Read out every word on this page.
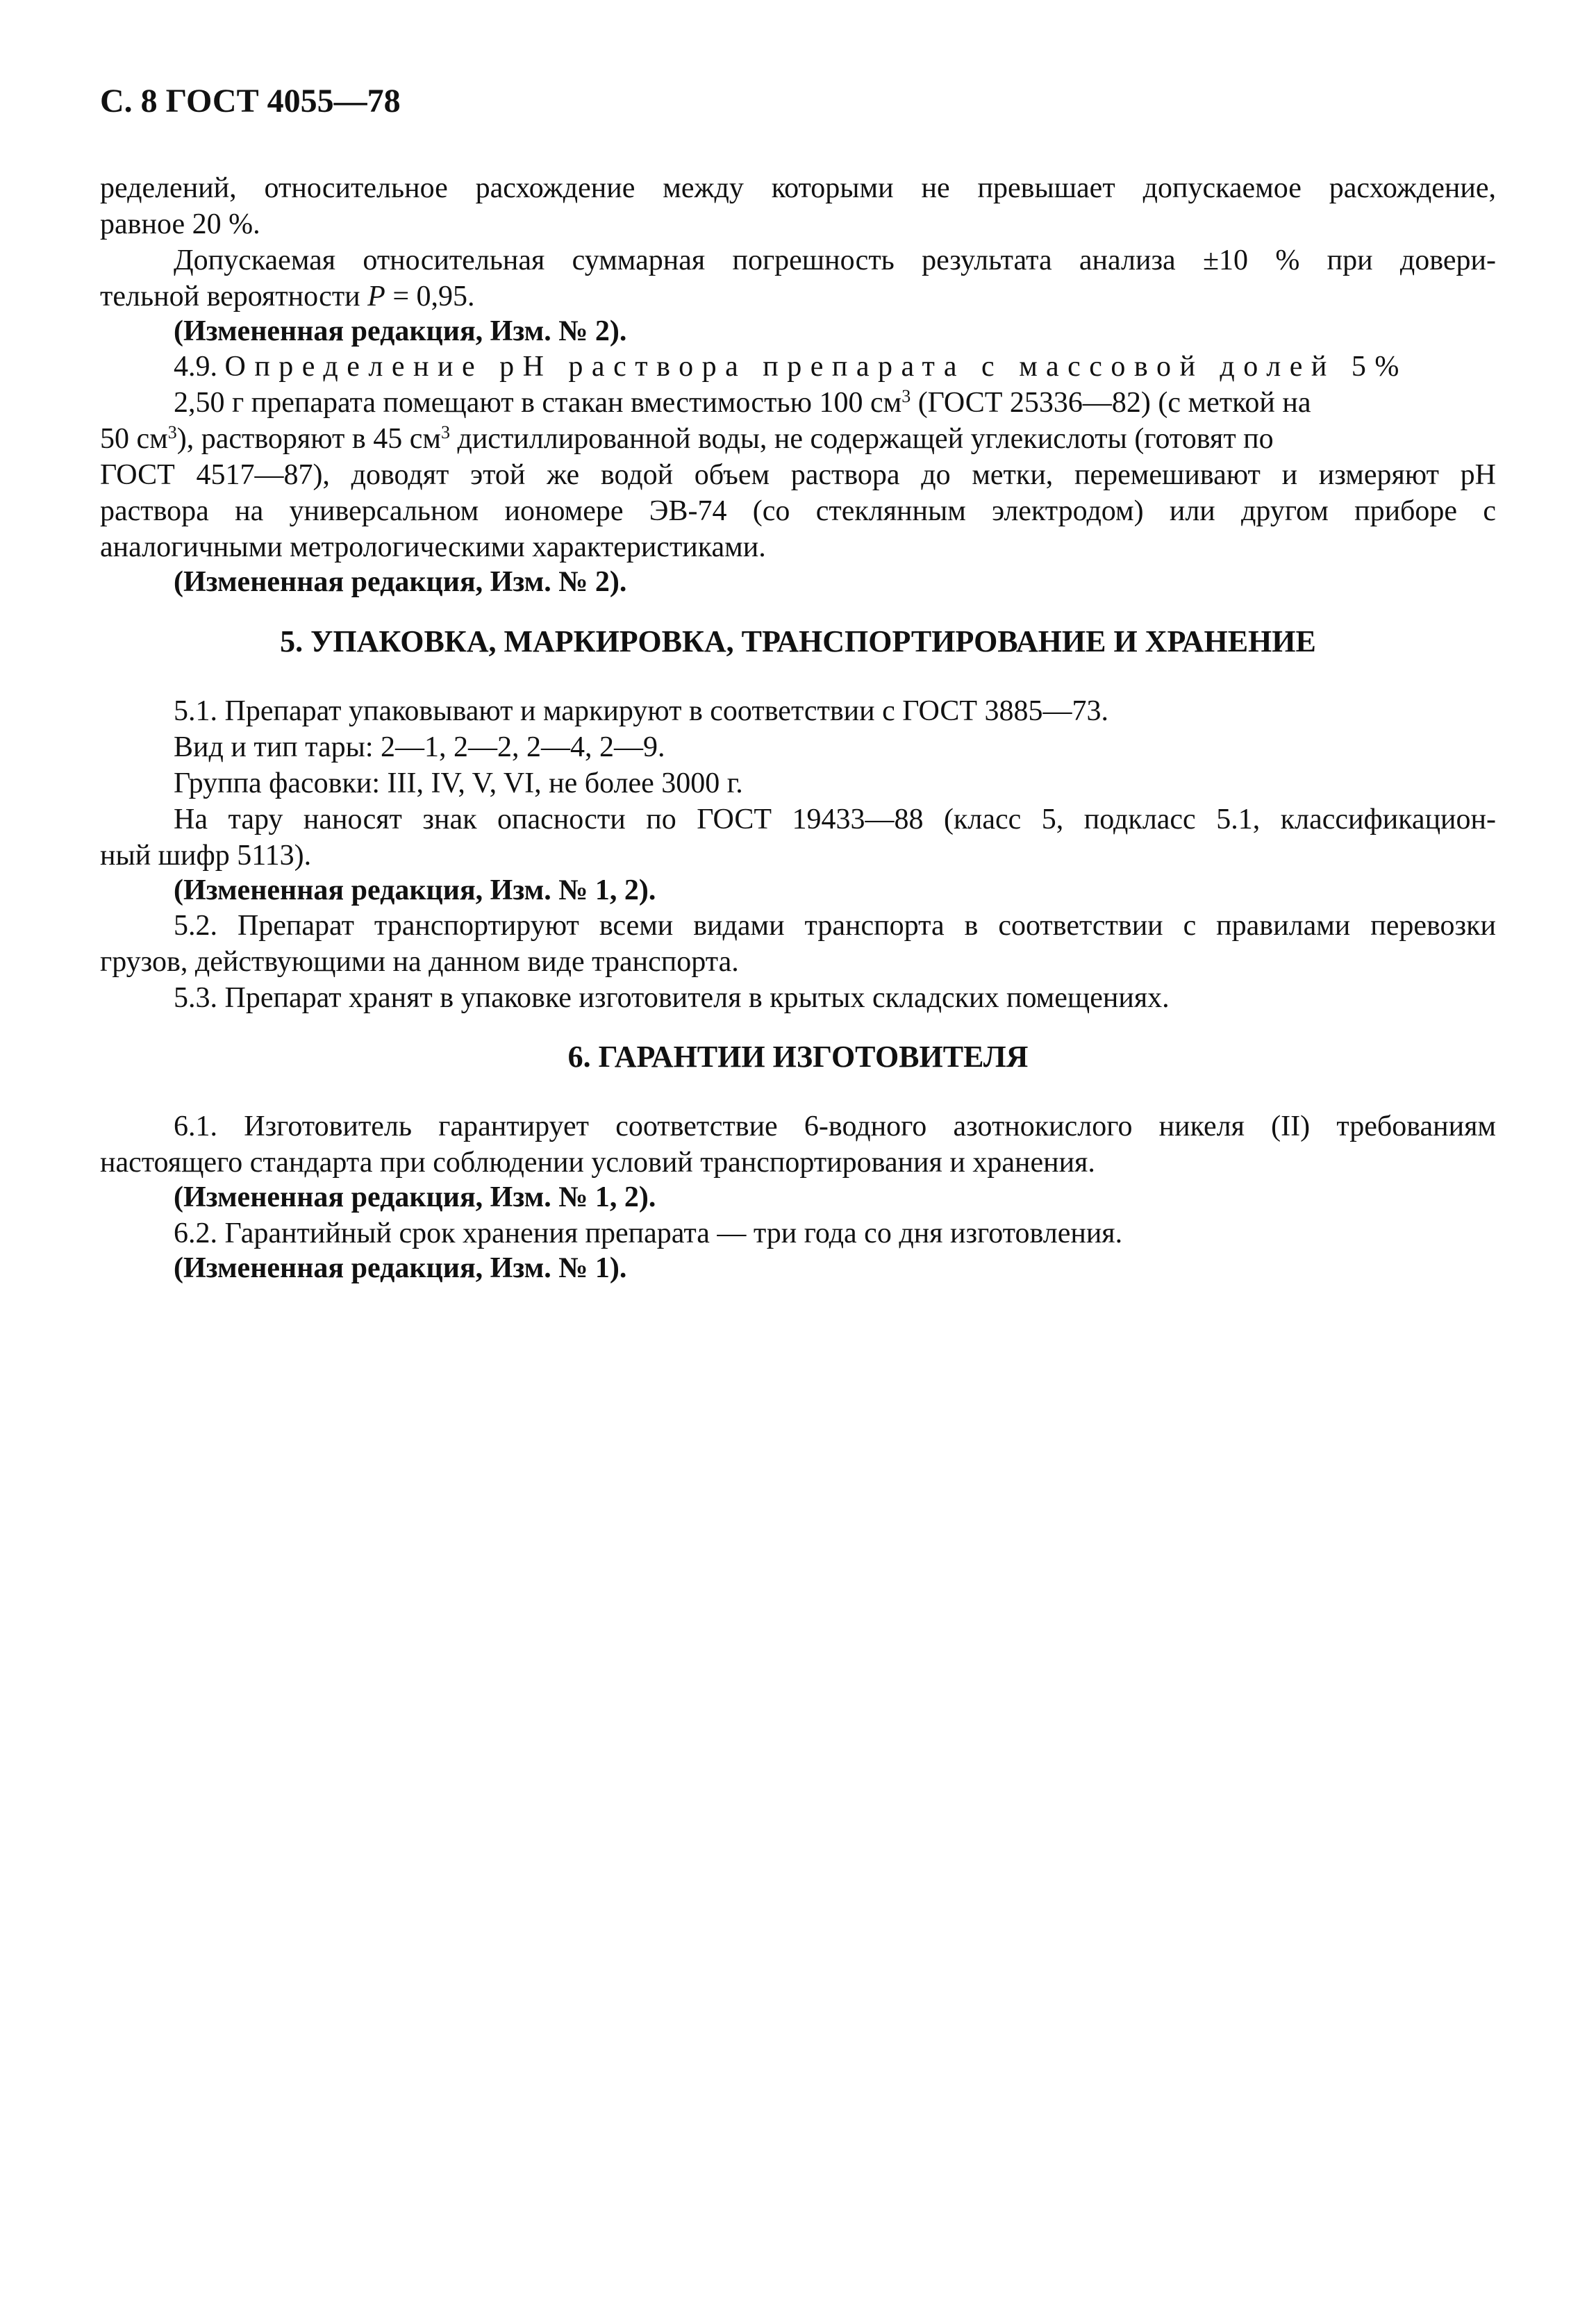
С. 8 ГОСТ 4055—78
ределений, относительное расхождение между которыми не превышает допускаемое расхождение,
равное 20 %.
Допускаемая относительная суммарная погрешность результата анализа ±10 % при довери-
тельной вероятности P = 0,95.
(Измененная редакция, Изм. № 2).
4.9. Определение pH раствора препарата с массовой долей 5%
2,50 г препарата помещают в стакан вместимостью 100 $см^3$ (ГОСТ 25336—82) (с меткой на
50 $см^3$), растворяют в 45 $см^3$ дистиллированной воды, не содержащей углекислоты (готовят по
ГОСТ 4517—87), доводят этой же водой объем раствора до метки, перемешивают и измеряют pH
раствора на универсальном иономере ЭВ-74 (со стеклянным электродом) или другом приборе с
аналогичными метрологическими характеристиками.
(Измененная редакция, Изм. № 2).
5. УПАКОВКА, МАРКИРОВКА, ТРАНСПОРТИРОВАНИЕ И ХРАНЕНИЕ
5.1. Препарат упаковывают и маркируют в соответствии с ГОСТ 3885—73.
Вид и тип тары: 2—1, 2—2, 2—4, 2—9.
Группа фасовки: III, IV, V, VI, не более 3000 г.
На тару наносят знак опасности по ГОСТ 19433—88 (класс 5, подкласс 5.1, классификацион-
ный шифр 5113).
(Измененная редакция, Изм. № 1, 2).
5.2. Препарат транспортируют всеми видами транспорта в соответствии с правилами перевозки
грузов, действующими на данном виде транспорта.
5.3. Препарат хранят в упаковке изготовителя в крытых складских помещениях.
6. ГАРАНТИИ ИЗГОТОВИТЕЛЯ
6.1. Изготовитель гарантирует соответствие 6-водного азотнокислого никеля (II) требованиям
настоящего стандарта при соблюдении условий транспортирования и хранения.
(Измененная редакция, Изм. № 1, 2).
6.2. Гарантийный срок хранения препарата — три года со дня изготовления.
(Измененная редакция, Изм. № 1).
